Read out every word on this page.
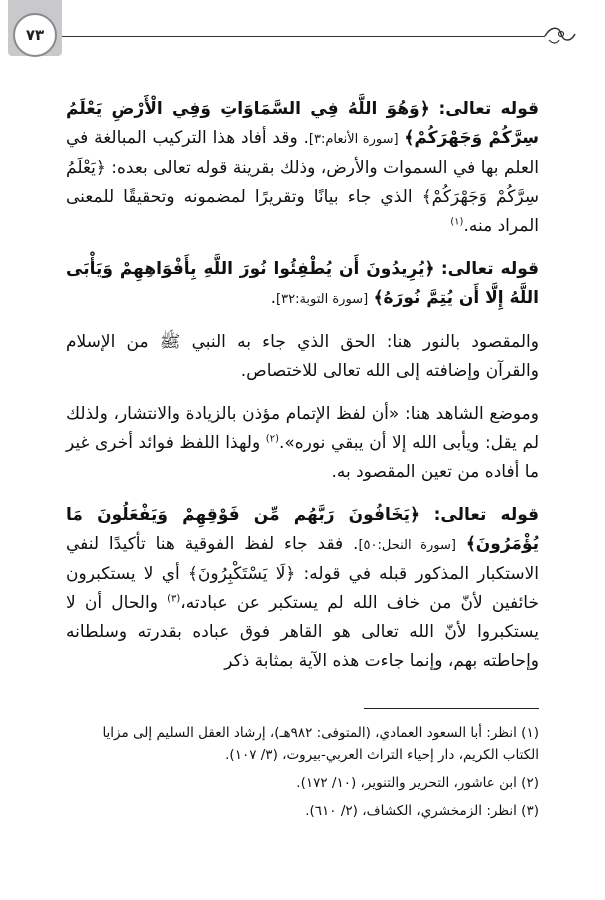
٧٣

قوله تعالى: ﴿وَهُوَ اللَّهُ فِي السَّمَاوَاتِ وَفِي الْأَرْضِ يَعْلَمُ سِرَّكُمْ وَجَهْرَكُمْ﴾ [سورة الأنعام:٣]. وقد أفاد هذا التركيب المبالغة في العلم بها في السموات والأرض، وذلك بقرينة قوله تعالى بعده: ﴿يَعْلَمُ سِرَّكُمْ وَجَهْرَكُمْ﴾ الذي جاء بيانًا وتقريرًا لمضمونه وتحقيقًا للمعنى المراد منه.$^{(١)}$

قوله تعالى: ﴿يُرِيدُونَ أَن يُطْفِئُوا نُورَ اللَّهِ بِأَفْوَاهِهِمْ وَيَأْبَى اللَّهُ إِلَّا أَن يُتِمَّ نُورَهُ﴾ [سورة التوبة:٣٢].

والمقصود بالنور هنا: الحق الذي جاء به النبي ﷺ من الإسلام والقرآن وإضافته إلى الله تعالى للاختصاص.

وموضع الشاهد هنا: «أن لفظ الإتمام مؤذن بالزيادة والانتشار، ولذلك لم يقل: ويأبى الله إلا أن يبقي نوره».$^{(٢)}$ ولهذا اللفظ فوائد أخرى غير ما أفاده من تعين المقصود به.

قوله تعالى: ﴿يَخَافُونَ رَبَّهُم مِّن فَوْقِهِمْ وَيَفْعَلُونَ مَا يُؤْمَرُونَ﴾ [سورة النحل:٥٠]. فقد جاء لفظ الفوقية هنا تأكيدًا لنفي الاستكبار المذكور قبله في قوله: ﴿لَا يَسْتَكْبِرُونَ﴾ أي لا يستكبرون خائفين لأنّ من خاف الله لم يستكبر عن عبادته،$^{(٣)}$ والحال أن لا يستكبروا لأنّ الله تعالى هو القاهر فوق عباده بقدرته وسلطانه وإحاطته بهم، وإنما جاءت هذه الآية بمثابة ذكر

(١) انظر: أبا السعود العمادي، (المتوفى: ٩٨٢هـ)، إرشاد العقل السليم إلى مزايا الكتاب الكريم، دار إحياء التراث العربي-بيروت، (٣/ ١٠٧).

(٢) ابن عاشور، التحرير والتنوير، (١٠/ ١٧٢).

(٣) انظر: الزمخشري، الكشاف، (٢/ ٦١٠).
